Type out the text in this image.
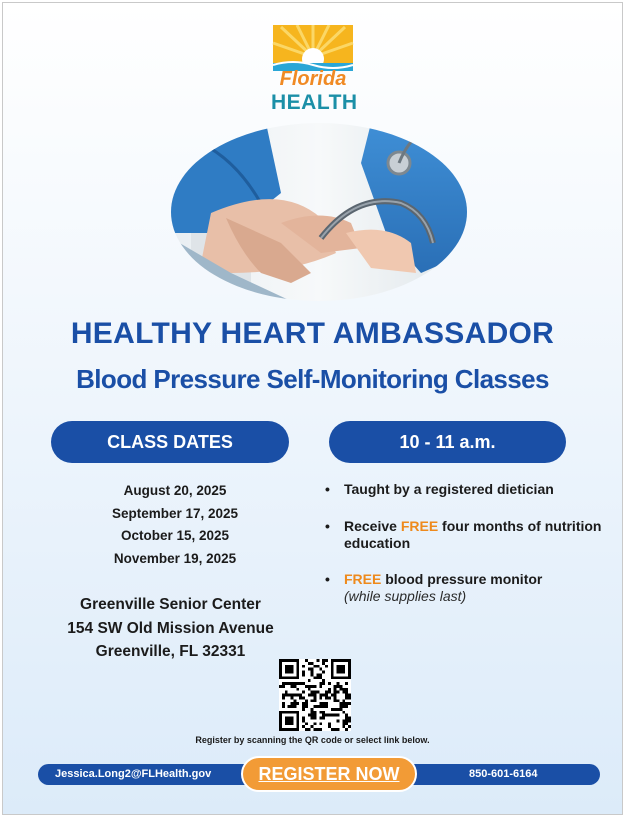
Florida
HEALTH
HEALTHY HEART AMBASSADOR
Blood Pressure Self-Monitoring Classes
CLASS DATES	10 - 11 a.m.
August 20, 2025
September 17, 2025
October 15, 2025
November 19, 2025
Greenville Senior Center
154 SW Old Mission Avenue
Greenville, FL 32331
•	Taught by a registered dietician
•	Receive FREE four months of nutrition education
•	FREE blood pressure monitor
(while supplies last)
Register by scanning the QR code or select link below.
Jessica.Long2@FLHealth.gov	850-601-6164
REGISTER NOW
